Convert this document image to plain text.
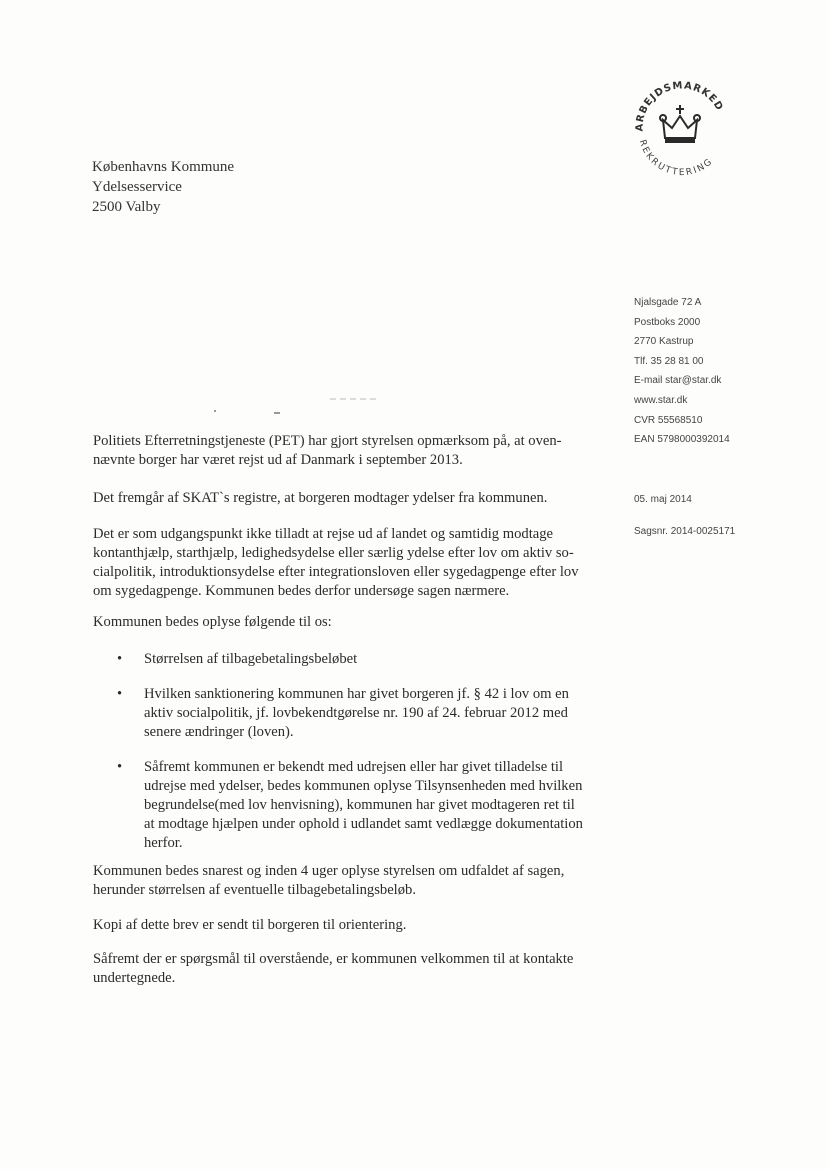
ARBEJDSMARKED
REKRUTTERING
Københavns Kommune
Ydelsesservice
2500 Valby
Njalsgade 72 A
Postboks 2000
2770 Kastrup
Tlf. 35 28 81 00
E-mail star@star.dk
www.star.dk
CVR 55568510
EAN 5798000392014
05. maj 2014
Sagsnr. 2014-0025171

Politiets Efterretningstjeneste (PET) har gjort styrelsen opmærksom på, at oven-

nævnte borger har været rejst ud af Danmark i september 2013.

Det fremgår af SKAT`s registre, at borgeren modtager ydelser fra kommunen.

Det er som udgangspunkt ikke tilladt at rejse ud af landet og samtidig modtage

kontanthjælp, starthjælp, ledighedsydelse eller særlig ydelse efter lov om aktiv so-

cialpolitik, introduktionsydelse efter integrationsloven eller sygedagpenge efter lov

om sygedagpenge. Kommunen bedes derfor undersøge sagen nærmere.

Kommunen bedes oplyse følgende til os:

• Størrelsen af tilbagebetalingsbeløbet
• Hvilken sanktionering kommunen har givet borgeren jf. § 42 i lov om en
aktiv socialpolitik, jf. lovbekendtgørelse nr. 190 af 24. februar 2012 med
senere ændringer (loven).
• Såfremt kommunen er bekendt med udrejsen eller har givet tilladelse til
udrejse med ydelser, bedes kommunen oplyse Tilsynsenheden med hvilken
begrundelse(med lov henvisning), kommunen har givet modtageren ret til
at modtage hjælpen under ophold i udlandet samt vedlægge dokumentation
herfor.

Kommunen bedes snarest og inden 4 uger oplyse styrelsen om udfaldet af sagen,

herunder størrelsen af eventuelle tilbagebetalingsbeløb.

Kopi af dette brev er sendt til borgeren til orientering.

Såfremt der er spørgsmål til overstående, er kommunen velkommen til at kontakte

undertegnede.
